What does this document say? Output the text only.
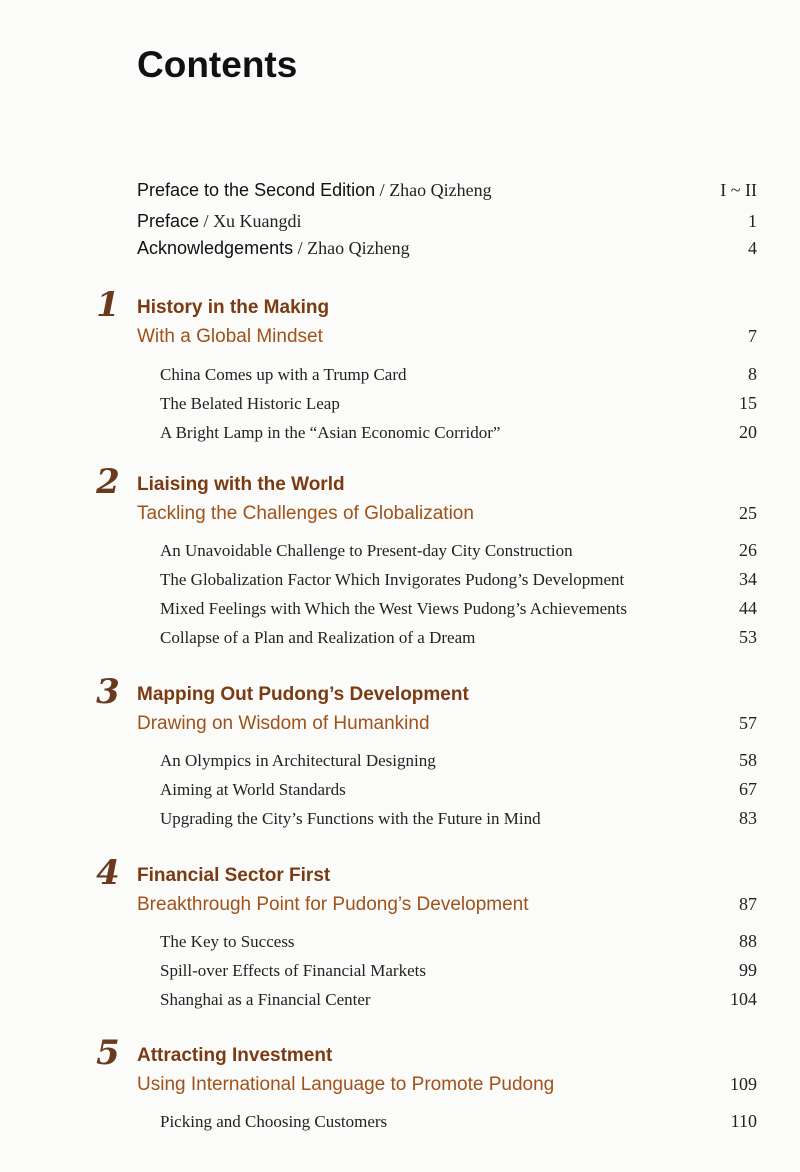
Contents
Preface to the Second Edition / Zhao Qizheng	I ~ II
Preface / Xu Kuangdi	1
Acknowledgements / Zhao Qizheng	4
1 History in the Making
With a Global Mindset	7
China Comes up with a Trump Card	8
The Belated Historic Leap	15
A Bright Lamp in the “Asian Economic Corridor”	20
2 Liaising with the World
Tackling the Challenges of Globalization	25
An Unavoidable Challenge to Present-day City Construction	26
The Globalization Factor Which Invigorates Pudong’s Development	34
Mixed Feelings with Which the West Views Pudong’s Achievements	44
Collapse of a Plan and Realization of a Dream	53
3 Mapping Out Pudong’s Development
Drawing on Wisdom of Humankind	57
An Olympics in Architectural Designing	58
Aiming at World Standards	67
Upgrading the City’s Functions with the Future in Mind	83
4 Financial Sector First
Breakthrough Point for Pudong’s Development	87
The Key to Success	88
Spill-over Effects of Financial Markets	99
Shanghai as a Financial Center	104
5 Attracting Investment
Using International Language to Promote Pudong	109
Picking and Choosing Customers	110
